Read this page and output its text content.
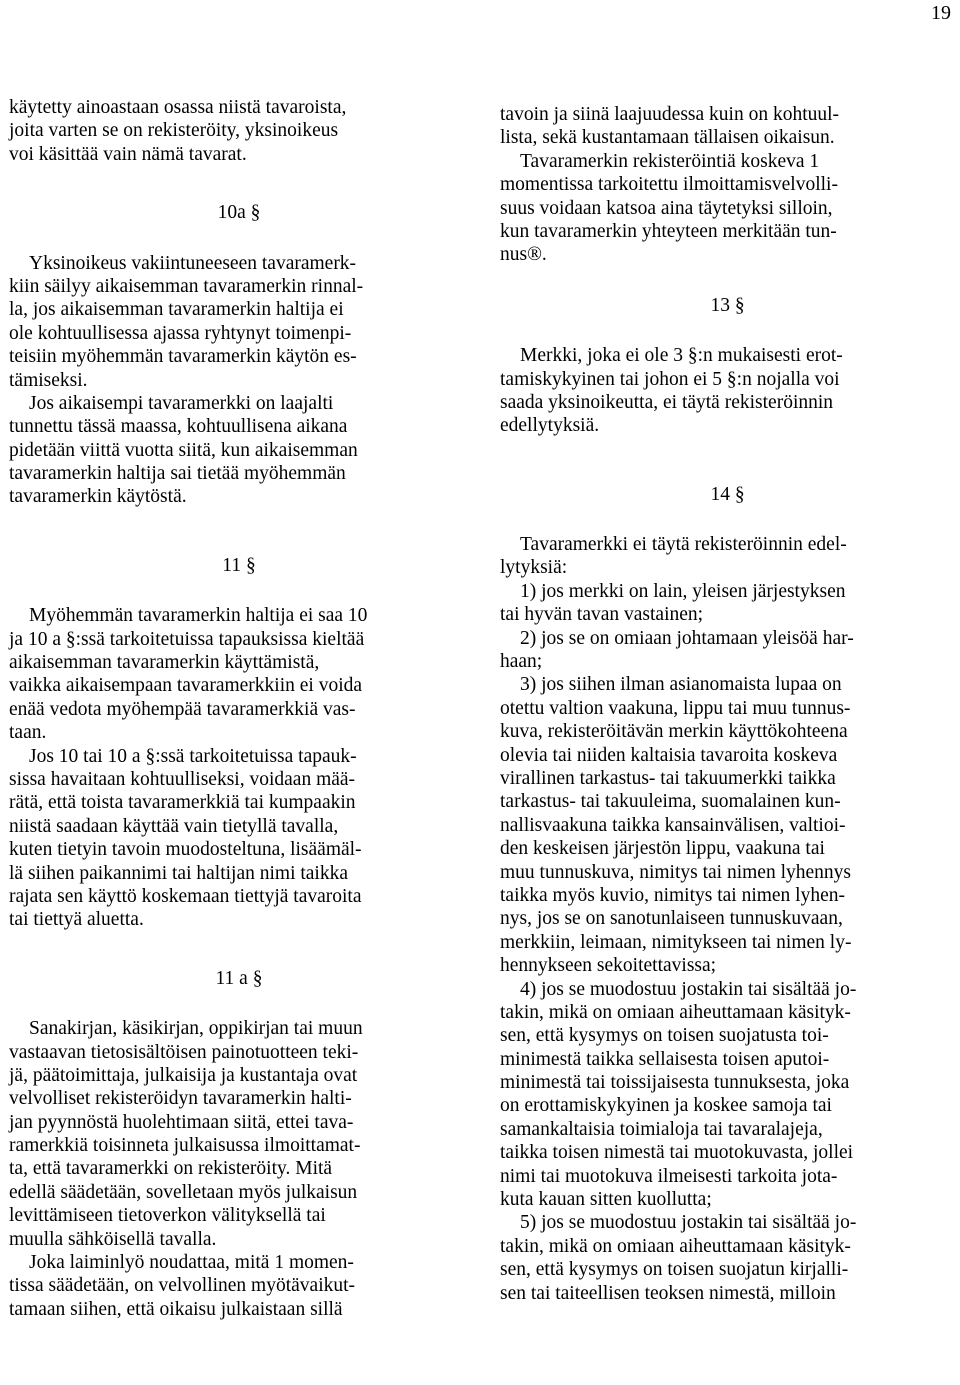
19
käytetty ainoastaan osassa niistä tavaroista,
joita varten se on rekisteröity, yksinoikeus
voi käsittää vain nämä tavarat.
10a §
Yksinoikeus vakiintuneeseen tavaramerk-
kiin säilyy aikaisemman tavaramerkin rinnal-
la, jos aikaisemman tavaramerkin haltija ei
ole kohtuullisessa ajassa ryhtynyt toimenpi-
teisiin myöhemmän tavaramerkin käytön es-
tämiseksi.
Jos aikaisempi tavaramerkki on laajalti
tunnettu tässä maassa, kohtuullisena aikana
pidetään viittä vuotta siitä, kun aikaisemman
tavaramerkin haltija sai tietää myöhemmän
tavaramerkin käytöstä.
11 §
Myöhemmän tavaramerkin haltija ei saa 10
ja 10 a §:ssä tarkoitetuissa tapauksissa kieltää
aikaisemman tavaramerkin käyttämistä,
vaikka aikaisempaan tavaramerkkiin ei voida
enää vedota myöhempää tavaramerkkiä vas-
taan.
Jos 10 tai 10 a §:ssä tarkoitetuissa tapauk-
sissa havaitaan kohtuulliseksi, voidaan mää-
rätä, että toista tavaramerkkiä tai kumpaakin
niistä saadaan käyttää vain tietyllä tavalla,
kuten tietyin tavoin muodosteltuna, lisäämäl-
lä siihen paikannimi tai haltijan nimi taikka
rajata sen käyttö koskemaan tiettyjä tavaroita
tai tiettyä aluetta.
11 a §
Sanakirjan, käsikirjan, oppikirjan tai muun
vastaavan tietosisältöisen painotuotteen teki-
jä, päätoimittaja, julkaisija ja kustantaja ovat
velvolliset rekisteröidyn tavaramerkin halti-
jan pyynnöstä huolehtimaan siitä, ettei tava-
ramerkkiä toisinneta julkaisussa ilmoittamat-
ta, että tavaramerkki on rekisteröity. Mitä
edellä säädetään, sovelletaan myös julkaisun
levittämiseen tietoverkon välityksellä tai
muulla sähköisellä tavalla.
Joka laiminlyö noudattaa, mitä 1 momen-
tissa säädetään, on velvollinen myötävaikut-
tamaan siihen, että oikaisu julkaistaan sillä
tavoin ja siinä laajuudessa kuin on kohtuul-
lista, sekä kustantamaan tällaisen oikaisun.
Tavaramerkin rekisteröintiä koskeva 1
momentissa tarkoitettu ilmoittamisvelvolli-
suus voidaan katsoa aina täytetyksi silloin,
kun tavaramerkin yhteyteen merkitään tun-
nus®.
13 §
Merkki, joka ei ole 3 §:n mukaisesti erot-
tamiskykyinen tai johon ei 5 §:n nojalla voi
saada yksinoikeutta, ei täytä rekisteröinnin
edellytyksiä.
14 §
Tavaramerkki ei täytä rekisteröinnin edel-
lytyksiä:
1) jos merkki on lain, yleisen järjestyksen
tai hyvän tavan vastainen;
2) jos se on omiaan johtamaan yleisöä har-
haan;
3) jos siihen ilman asianomaista lupaa on
otettu valtion vaakuna, lippu tai muu tunnus-
kuva, rekisteröitävän merkin käyttökohteena
olevia tai niiden kaltaisia tavaroita koskeva
virallinen tarkastus- tai takuumerkki taikka
tarkastus- tai takuuleima, suomalainen kun-
nallisvaakuna taikka kansainvälisen, valtioi-
den keskeisen järjestön lippu, vaakuna tai
muu tunnuskuva, nimitys tai nimen lyhennys
taikka myös kuvio, nimitys tai nimen lyhen-
nys, jos se on sanotunlaiseen tunnuskuvaan,
merkkiin, leimaan, nimitykseen tai nimen ly-
hennykseen sekoitettavissa;
4) jos se muodostuu jostakin tai sisältää jo-
takin, mikä on omiaan aiheuttamaan käsityk-
sen, että kysymys on toisen suojatusta toi-
minimestä taikka sellaisesta toisen aputoi-
minimestä tai toissijaisesta tunnuksesta, joka
on erottamiskykyinen ja koskee samoja tai
samankaltaisia toimialoja tai tavaralajeja,
taikka toisen nimestä tai muotokuvasta, jollei
nimi tai muotokuva ilmeisesti tarkoita jota-
kuta kauan sitten kuollutta;
5) jos se muodostuu jostakin tai sisältää jo-
takin, mikä on omiaan aiheuttamaan käsityk-
sen, että kysymys on toisen suojatun kirjalli-
sen tai taiteellisen teoksen nimestä, milloin
